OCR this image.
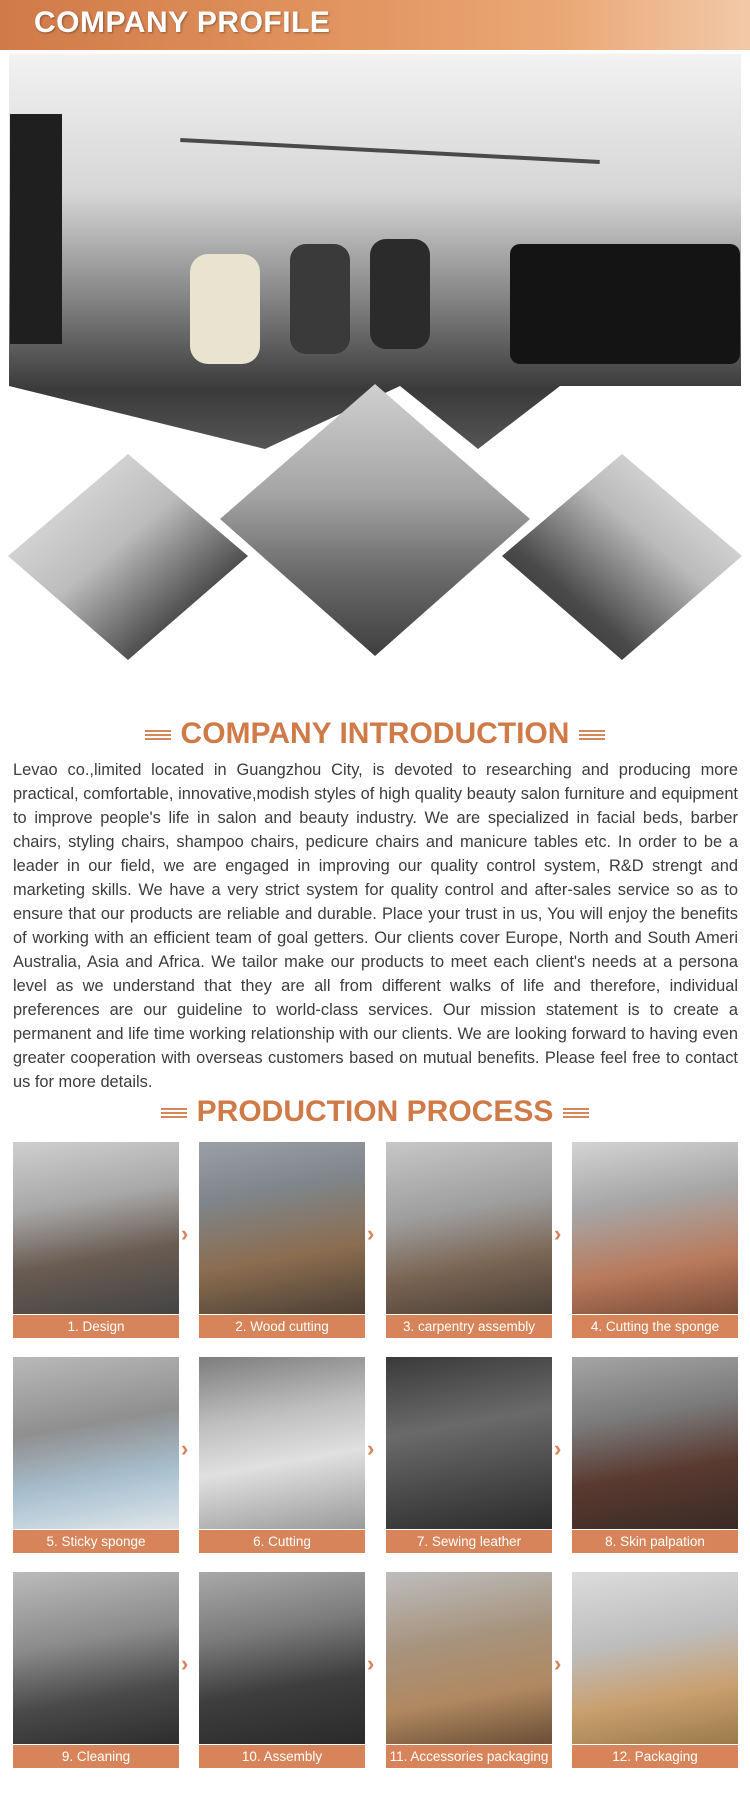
COMPANY PROFILE
COMPANY INTRODUCTION

Levao co.,limited located in Guangzhou City, is devoted to researching and producing more practical, comfortable, innovative,modish styles of high quality beauty salon furniture and equipment to improve people's life in salon and beauty industry. We are specialized in facial beds, barber chairs, styling chairs, shampoo chairs, pedicure chairs and manicure tables etc. In order to be a leader in our field, we are engaged in improving our quality control system, R&D strengt and marketing skills. We have a very strict system for quality control and after-sales service so as to ensure that our products are reliable and durable. Place your trust in us, You will enjoy the benefits of working with an efficient team of goal getters. Our clients cover Europe, North and South Ameri Australia, Asia and Africa. We tailor make our products to meet each client's needs at a persona level as we understand that they are all from different walks of life and therefore, individual preferences are our guideline to world-class services. Our mission statement is to create a permanent and life time working relationship with our clients. We are looking forward to having even greater cooperation with overseas customers based on mutual benefits. Please feel free to contact us for more details.

PRODUCTION PROCESS
1. Design
›
2. Wood cutting
›
3. carpentry assembly
›
4. Cutting the sponge
5. Sticky sponge
›
6. Cutting
›
7. Sewing leather
›
8. Skin palpation
9. Cleaning
›
10. Assembly
›
11. Accessories packaging
›
12. Packaging
